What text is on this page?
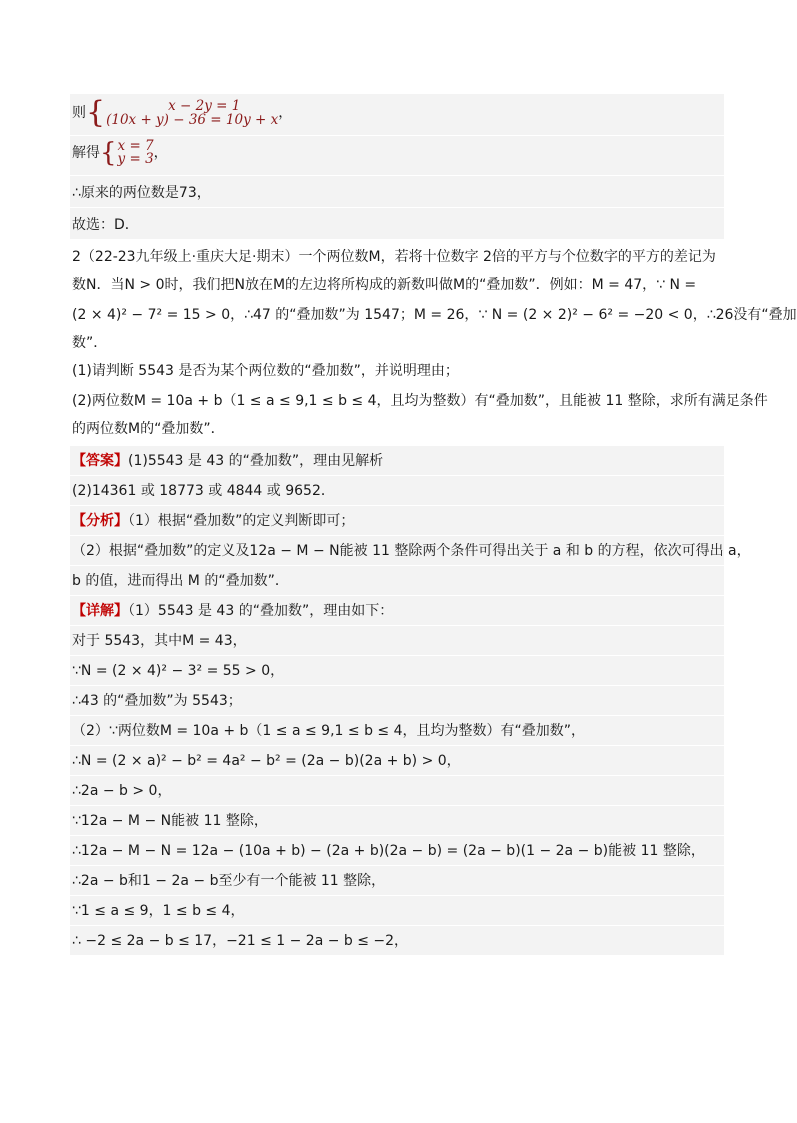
则 {	x − 2y = 1
(10x + y) − 36 = 10y + x ，
解得 { x = 7
y = 3 ，
∴原来的两位数是73，
故选：D．
2（22-23九年级上·重庆大足·期末）一个两位数M，若将十位数字 2倍的平方与个位数字的平方的差记为
数N．当N > 0时，我们把N放在M的左边将所构成的新数叫做M的“叠加数”．例如：M = 47，∵ N =
(2 × 4)² − 7² = 15 > 0，∴47 的“叠加数”为 1547；M = 26，∵ N = (2 × 2)² − 6² = −20 < 0，∴26没有“叠加
数”．
(1)请判断 5543 是否为某个两位数的“叠加数”，并说明理由；
(2)两位数M = 10a + b（1 ≤ a ≤ 9,1 ≤ b ≤ 4，且均为整数）有“叠加数”，且能被 11 整除，求所有满足条件
的两位数M的“叠加数”．
【答案】(1)5543 是 43 的“叠加数”，理由见解析
(2)14361 或 18773 或 4844 或 9652．
【分析】（1）根据“叠加数”的定义判断即可；
（2）根据“叠加数”的定义及12a − M − N能被 11 整除两个条件可得出关于 a 和 b 的方程，依次可得出 a，
b 的值，进而得出 M 的“叠加数”．
【详解】（1）5543 是 43 的“叠加数”，理由如下：
对于 5543，其中M = 43，
∵N = (2 × 4)² − 3² = 55 > 0，
∴43 的“叠加数”为 5543；
（2）∵两位数M = 10a + b（1 ≤ a ≤ 9,1 ≤ b ≤ 4，且均为整数）有“叠加数”，
∴N = (2 × a)² − b² = 4a² − b² = (2a − b)(2a + b) > 0，
∴2a − b > 0，
∵12a − M − N能被 11 整除，
∴12a − M − N = 12a − (10a + b) − (2a + b)(2a − b) = (2a − b)(1 − 2a − b)能被 11 整除，
∴2a − b和1 − 2a − b至少有一个能被 11 整除，
∵1 ≤ a ≤ 9，1 ≤ b ≤ 4，
∴ −2 ≤ 2a − b ≤ 17，−21 ≤ 1 − 2a − b ≤ −2，
